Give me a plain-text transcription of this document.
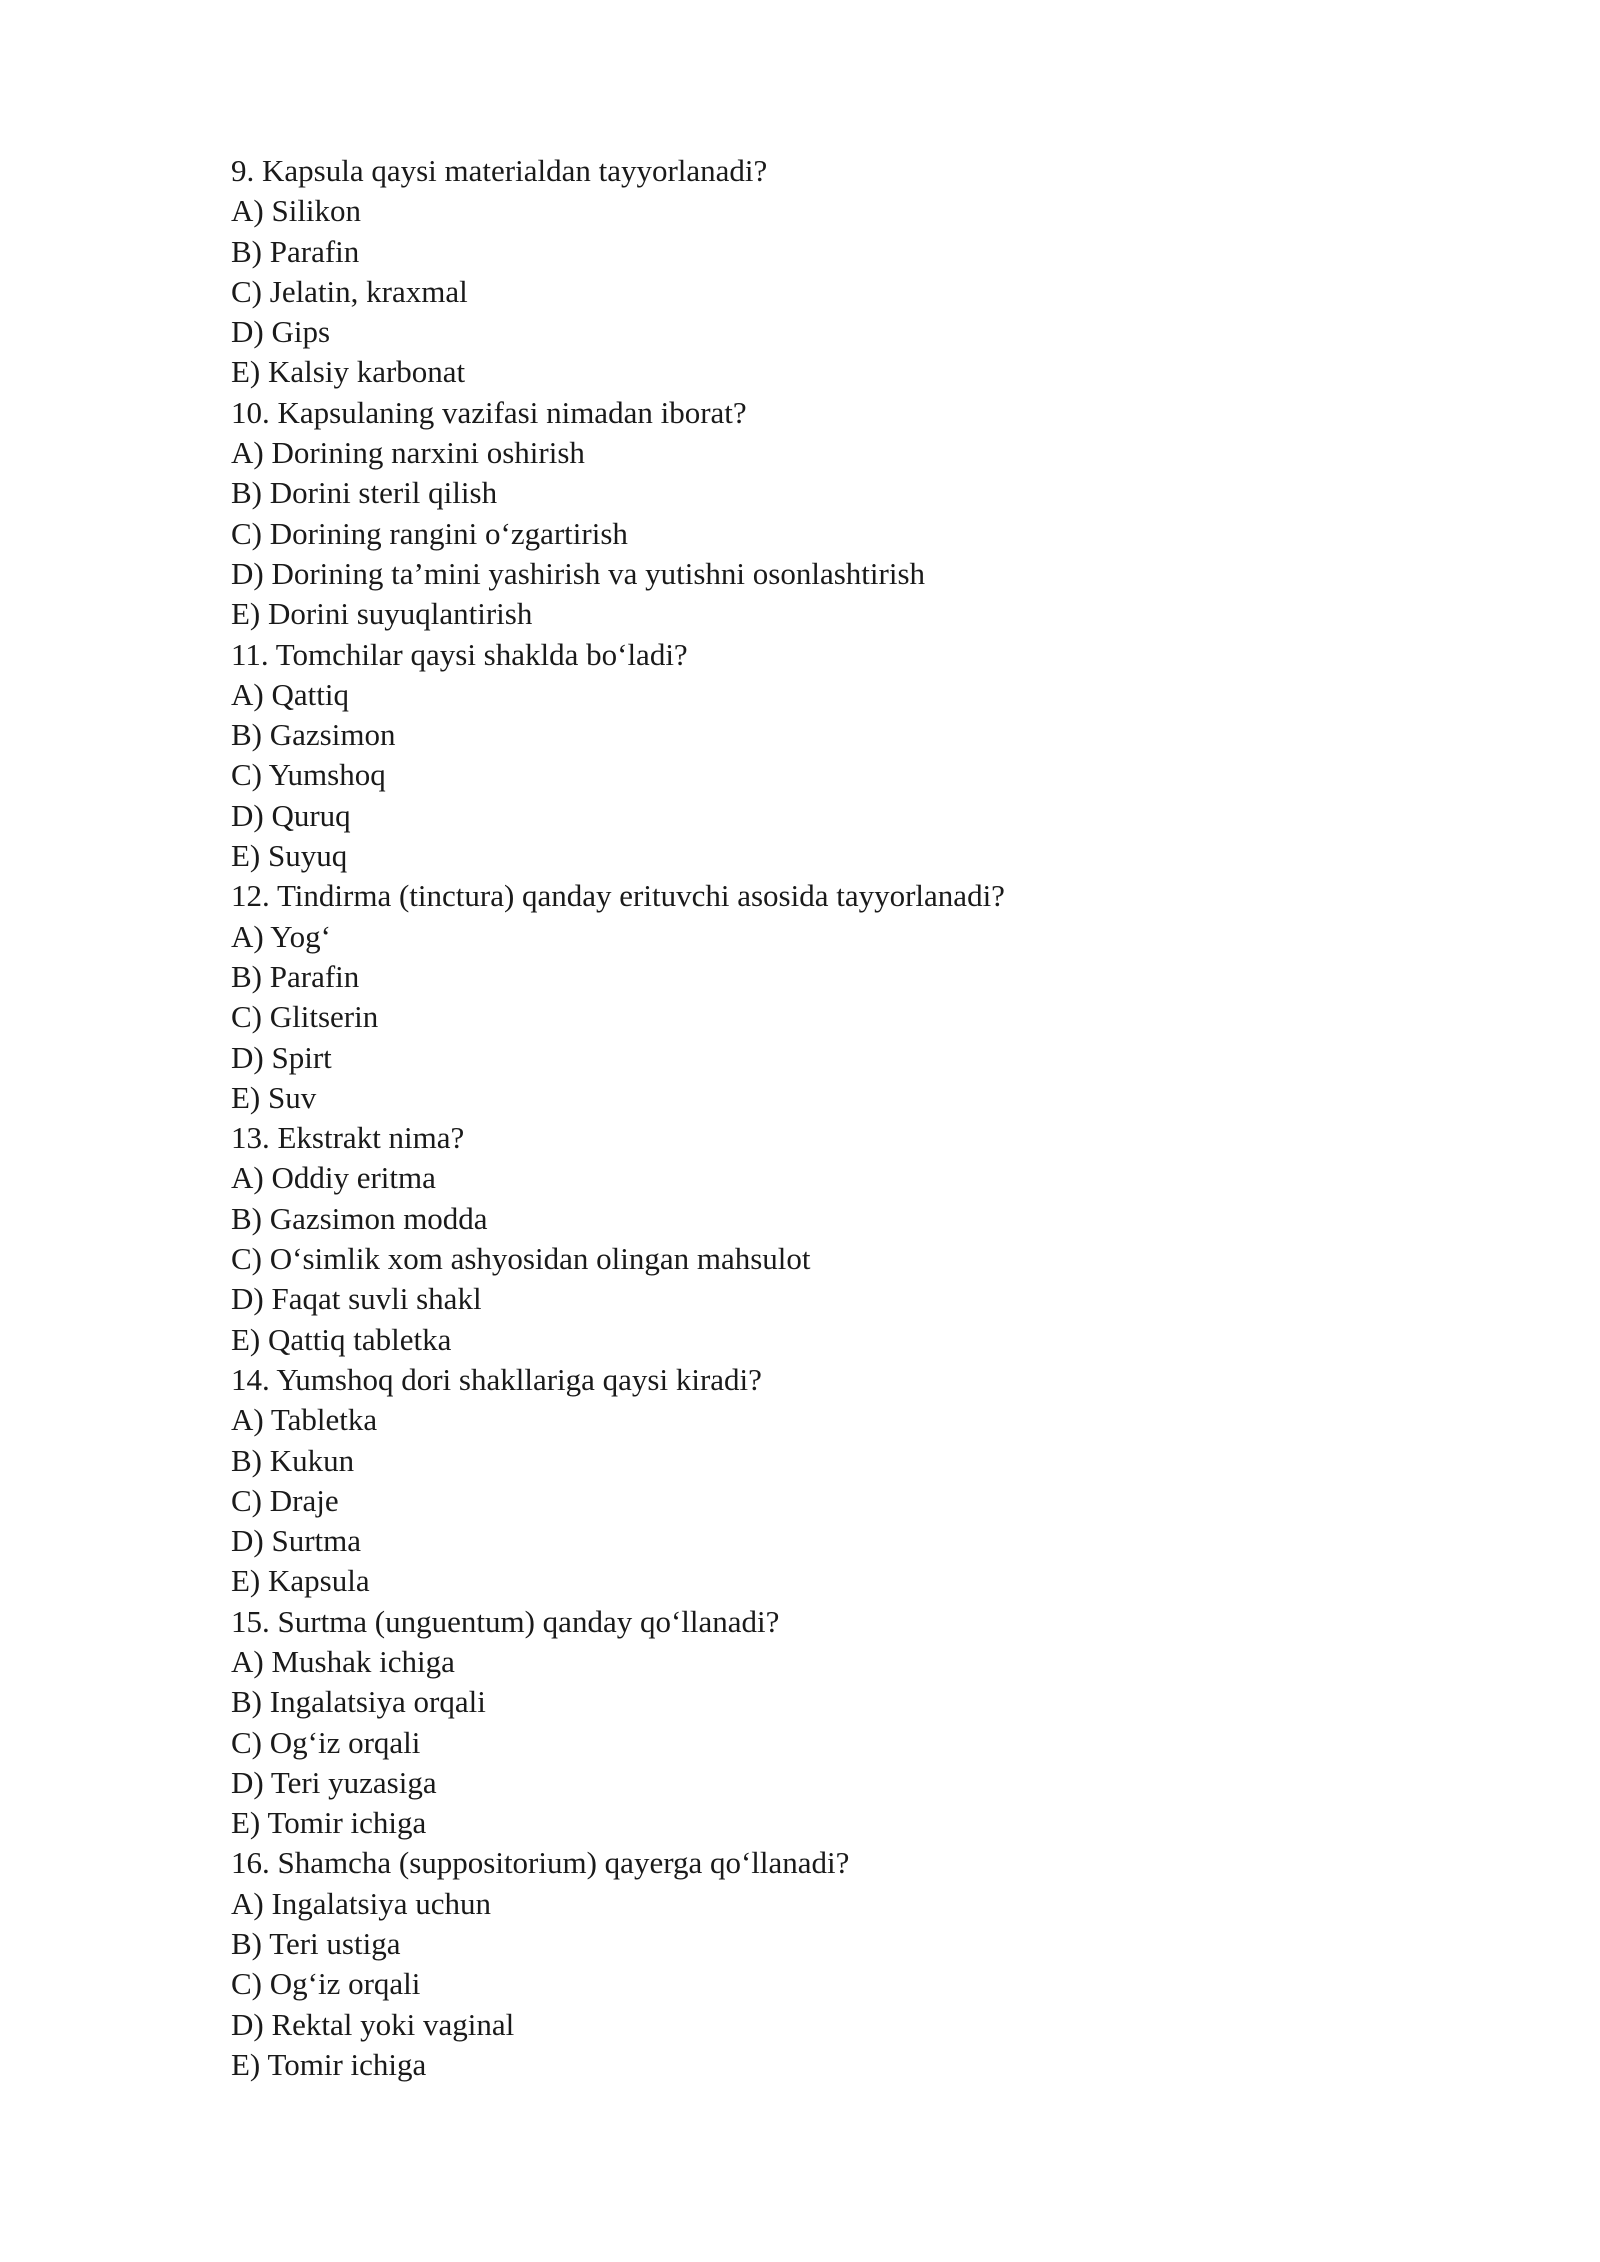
9. Kapsula qaysi materialdan tayyorlanadi?
A) Silikon
B) Parafin
C) Jelatin, kraxmal
D) Gips
E) Kalsiy karbonat
10. Kapsulaning vazifasi nimadan iborat?
A) Dorining narxini oshirish
B) Dorini steril qilish
C) Dorining rangini o‘zgartirish
D) Dorining ta’mini yashirish va yutishni osonlashtirish
E) Dorini suyuqlantirish
11. Tomchilar qaysi shaklda bo‘ladi?
A) Qattiq
B) Gazsimon
C) Yumshoq
D) Quruq
E) Suyuq
12. Tindirma (tinctura) qanday erituvchi asosida tayyorlanadi?
A) Yog‘
B) Parafin
C) Glitserin
D) Spirt
E) Suv
13. Ekstrakt nima?
A) Oddiy eritma
B) Gazsimon modda
C) O‘simlik xom ashyosidan olingan mahsulot
D) Faqat suvli shakl
E) Qattiq tabletka
14. Yumshoq dori shakllariga qaysi kiradi?
A) Tabletka
B) Kukun
C) Draje
D) Surtma
E) Kapsula
15. Surtma (unguentum) qanday qo‘llanadi?
A) Mushak ichiga
B) Ingalatsiya orqali
C) Og‘iz orqali
D) Teri yuzasiga
E) Tomir ichiga
16. Shamcha (suppositorium) qayerga qo‘llanadi?
A) Ingalatsiya uchun
B) Teri ustiga
C) Og‘iz orqali
D) Rektal yoki vaginal
E) Tomir ichiga
